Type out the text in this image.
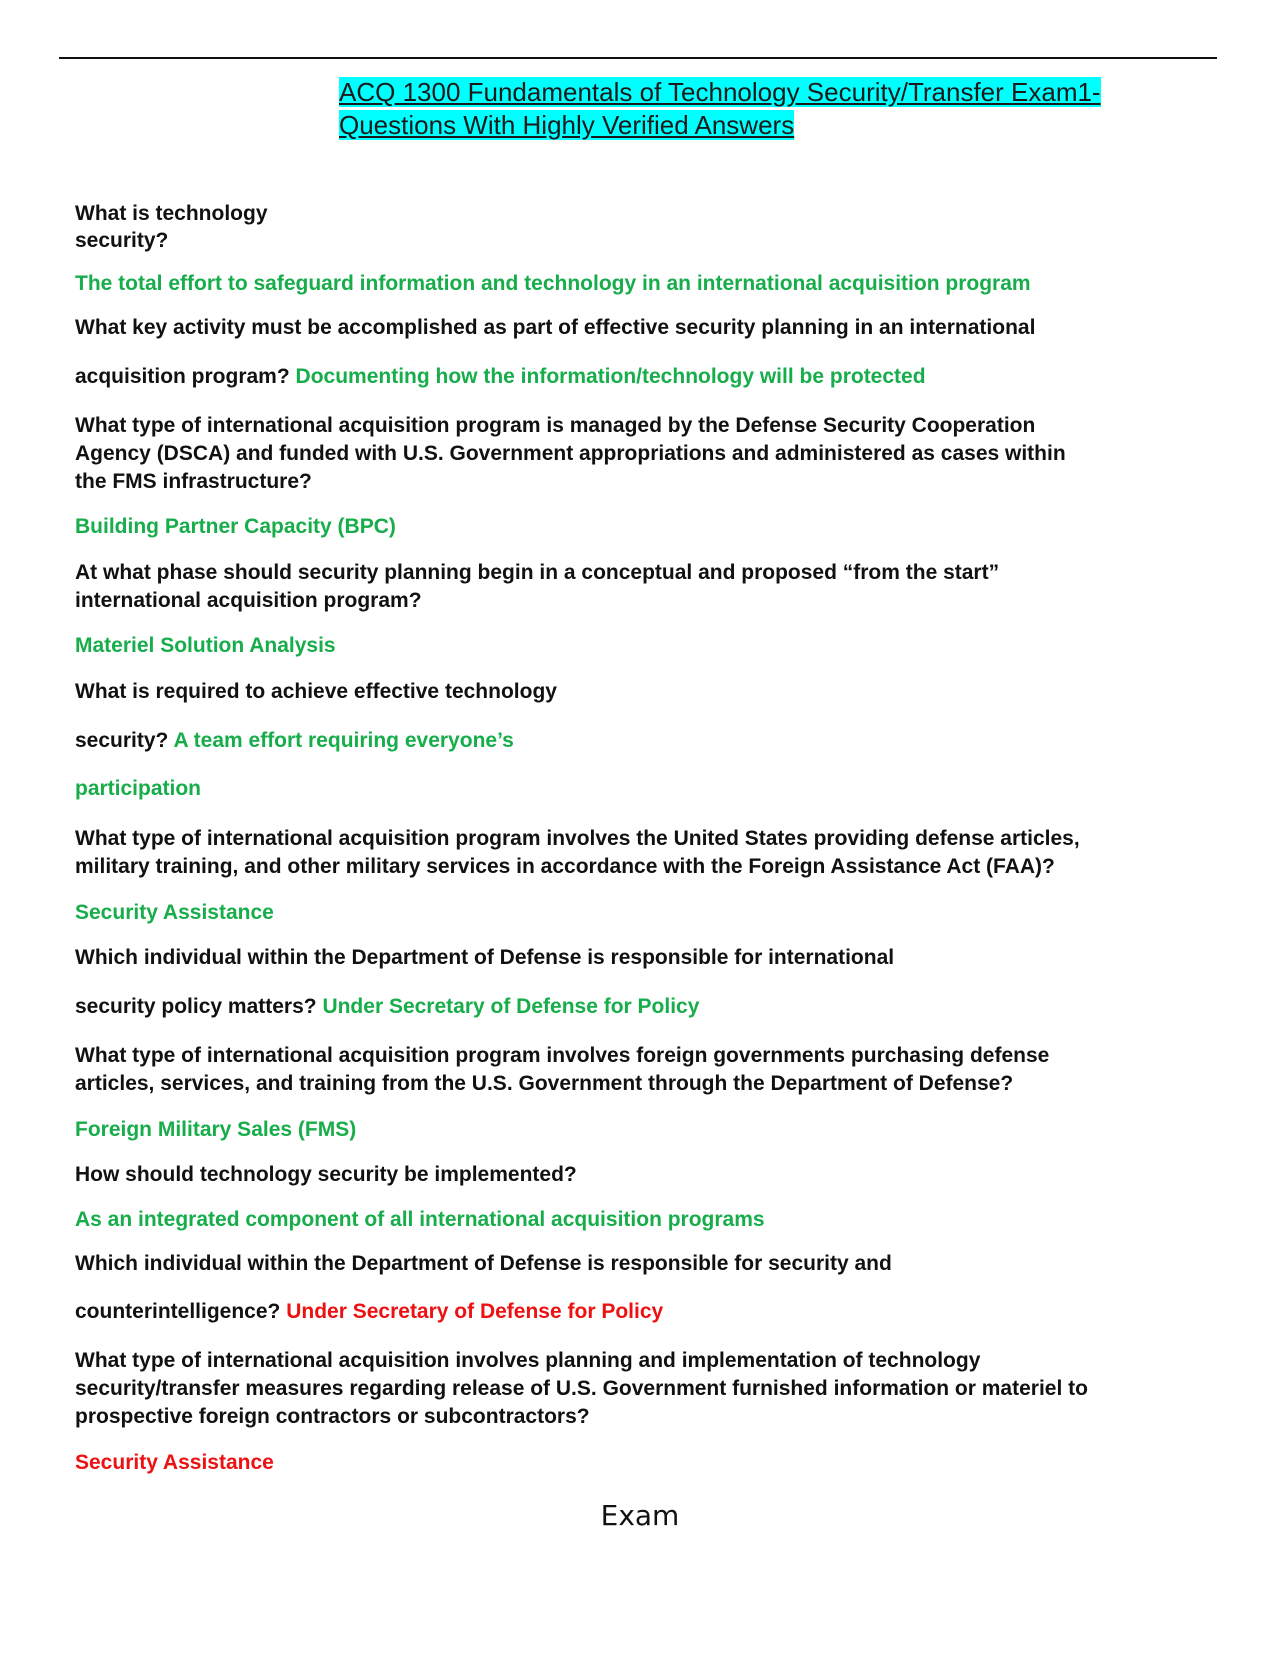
ACQ 1300 Fundamentals of Technology Security/Transfer Exam1-
Questions With Highly Verified Answers
What is technology
security?
The total effort to safeguard information and technology in an international acquisition program
What key activity must be accomplished as part of effective security planning in an international
acquisition program? Documenting how the information/technology will be protected
What type of international acquisition program is managed by the Defense Security Cooperation
Agency (DSCA) and funded with U.S. Government appropriations and administered as cases within
the FMS infrastructure?
Building Partner Capacity (BPC)
At what phase should security planning begin in a conceptual and proposed “from the start”
international acquisition program?
Materiel Solution Analysis
What is required to achieve effective technology
security? A team effort requiring everyone’s
participation
What type of international acquisition program involves the United States providing defense articles,
military training, and other military services in accordance with the Foreign Assistance Act (FAA)?
Security Assistance
Which individual within the Department of Defense is responsible for international
security policy matters? Under Secretary of Defense for Policy
What type of international acquisition program involves foreign governments purchasing defense
articles, services, and training from the U.S. Government through the Department of Defense?
Foreign Military Sales (FMS)
How should technology security be implemented?
As an integrated component of all international acquisition programs
Which individual within the Department of Defense is responsible for security and
counterintelligence? Under Secretary of Defense for Policy
What type of international acquisition involves planning and implementation of technology
security/transfer measures regarding release of U.S. Government furnished information or materiel to
prospective foreign contractors or subcontractors?
Security Assistance
Exam
